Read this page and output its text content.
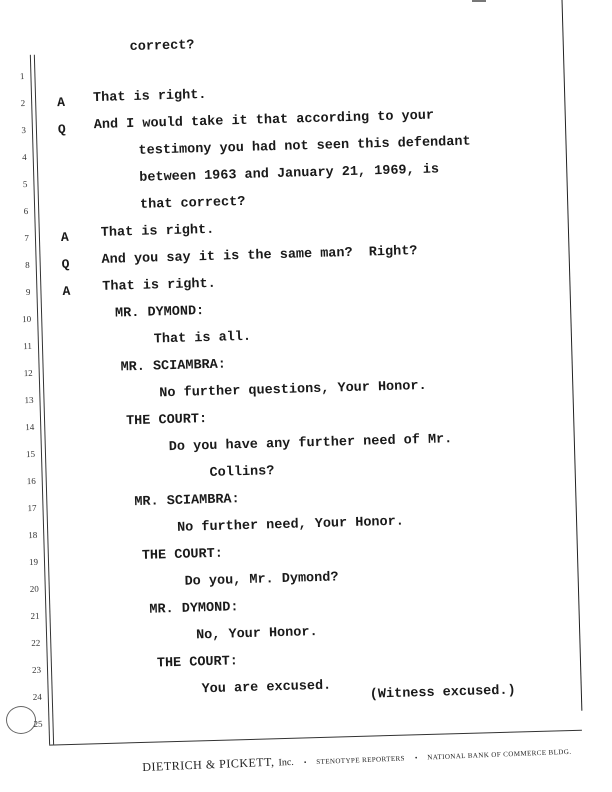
1
2
3
4
5
6
7
8
9
10
11
12
13
14
15
16
17
18
19
20
21
22
23
24
25
A
Q
A
Q
A
correct?
That is right.
And I would take it that according to your
testimony you had not seen this defendant
between 1963 and January 21, 1969, is
that correct?
That is right.
And you say it is the same man?  Right?
That is right.
MR. DYMOND:
That is all.
MR. SCIAMBRA:
No further questions, Your Honor.
THE COURT:
Do you have any further need of Mr.
Collins?
MR. SCIAMBRA:
No further need, Your Honor.
THE COURT:
Do you, Mr. Dymond?
MR. DYMOND:
No, Your Honor.
THE COURT:
You are excused.	(Witness excused.)
DIETRICH & PICKETT, Inc. • STENOTYPE REPORTERS • NATIONAL BANK OF COMMERCE BLDG.
